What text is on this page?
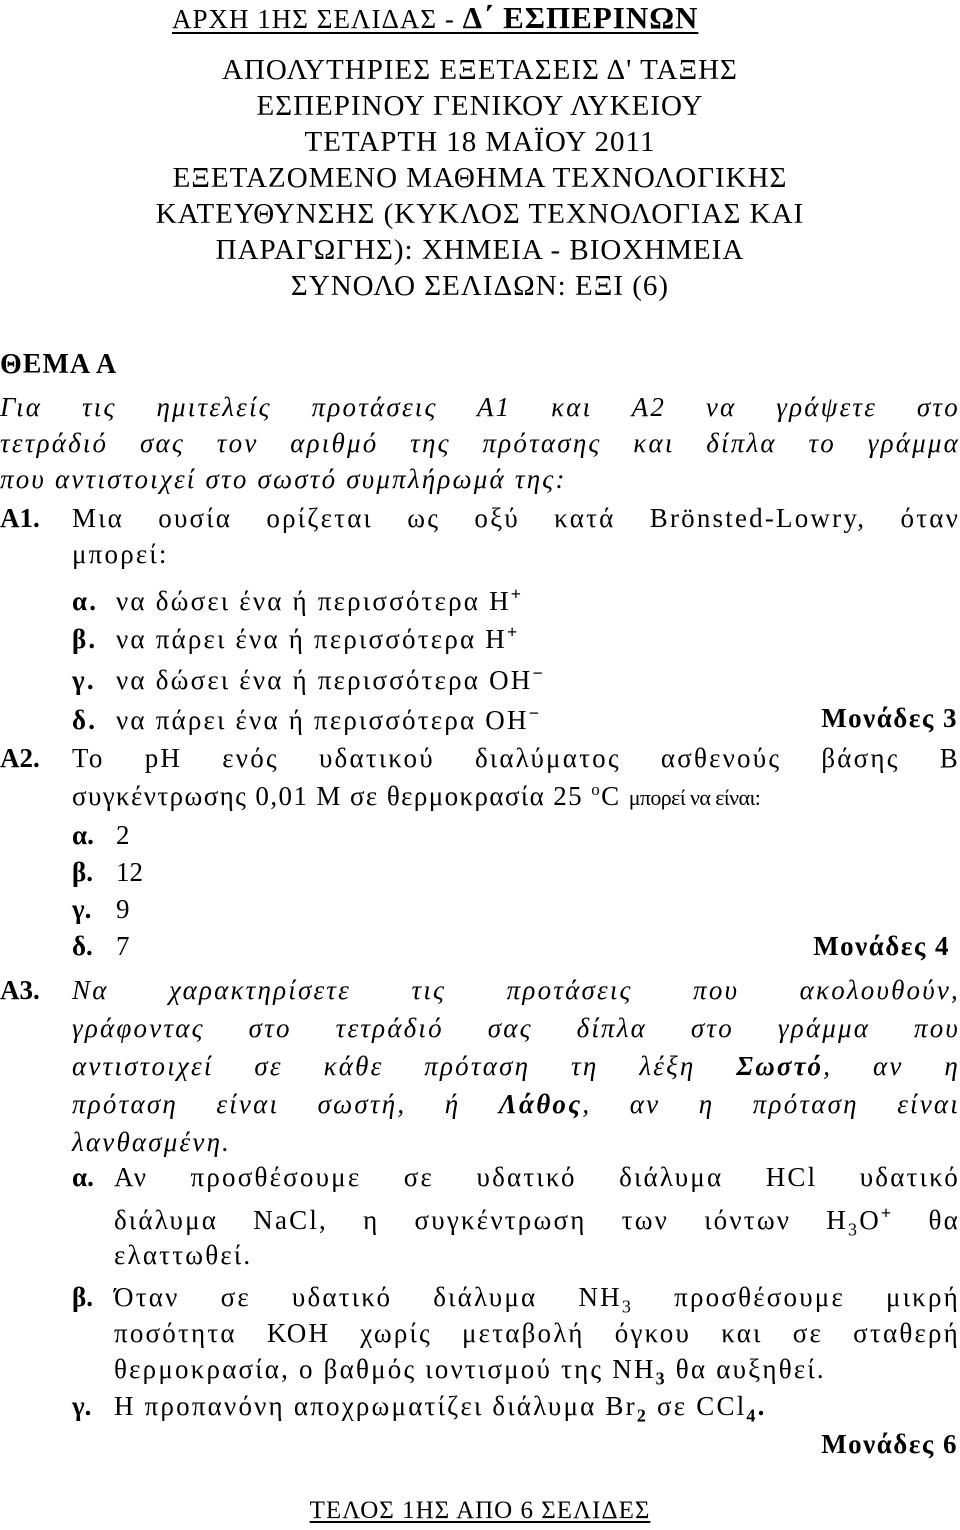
ΑΡΧΗ 1ΗΣ ΣΕΛΙΔΑΣ - Δ΄ ΕΣΠΕΡΙΝΩΝ
ΑΠΟΛΥΤΗΡΙΕΣ ΕΞΕΤΑΣΕΙΣ Δ' ΤΑΞΗΣ
ΕΣΠΕΡΙΝΟΥ ΓΕΝΙΚΟΥ ΛΥΚΕΙΟΥ
ΤΕΤΑΡΤΗ 18 ΜΑΪΟΥ 2011
ΕΞΕΤΑΖΟΜΕΝΟ ΜΑΘΗΜΑ ΤΕΧΝΟΛΟΓΙΚΗΣ
ΚΑΤΕΥΘΥΝΣΗΣ (ΚΥΚΛΟΣ ΤΕΧΝΟΛΟΓΙΑΣ ΚΑΙ
ΠΑΡΑΓΩΓΗΣ): ΧΗΜΕΙΑ - ΒΙΟΧΗΜΕΙΑ
ΣΥΝΟΛΟ ΣΕΛΙΔΩΝ: ΕΞΙ (6)
ΘΕΜΑ Α
Για τις ημιτελείς προτάσεις Α1 και Α2 να γράψετε στο
τετράδιό σας τον αριθμό της πρότασης και δίπλα το γράμμα
που αντιστοιχεί στο σωστό συμπλήρωμά της:
Α1. Μια ουσία ορίζεται ως οξύ κατά Brönsted-Lowry, όταν
μπορεί:
α. να δώσει ένα ή περισσότερα Η+
β. να πάρει ένα ή περισσότερα Η+
γ. να δώσει ένα ή περισσότερα ΟΗ−
δ. να πάρει ένα ή περισσότερα ΟΗ−	Μονάδες 3
Α2. Το pH ενός υδατικού διαλύματος ασθενούς βάσης Β
συγκέντρωσης 0,01 Μ σε θερμοκρασία 25 $^o$C μπορεί να είναι:
α. 2
β. 12
γ. 9
δ. 7	Μονάδες 4
Α3. Να χαρακτηρίσετε τις προτάσεις που ακολουθούν,
γράφοντας στο τετράδιό σας δίπλα στο γράμμα που
αντιστοιχεί σε κάθε πρόταση τη λέξη Σωστό, αν η
πρόταση είναι σωστή, ή Λάθος, αν η πρόταση είναι
λανθασμένη.
α. Αν προσθέσουμε σε υδατικό διάλυμα HCl υδατικό
διάλυμα NaCl, η συγκέντρωση των ιόντων $H_3O^+$ θα
ελαττωθεί.
β. Όταν σε υδατικό διάλυμα $NH_3$ προσθέσουμε μικρή
ποσότητα ΚΟΗ χωρίς μεταβολή όγκου και σε σταθερή
θερμοκρασία, ο βαθμός ιοντισμού της $NH_3$ θα αυξηθεί.
γ. Η προπανόνη αποχρωματίζει διάλυμα $Br_2$ σε CCl$_4$.
Μονάδες 6
ΤΕΛΟΣ 1ΗΣ ΑΠΟ 6 ΣΕΛΙΔΕΣ
